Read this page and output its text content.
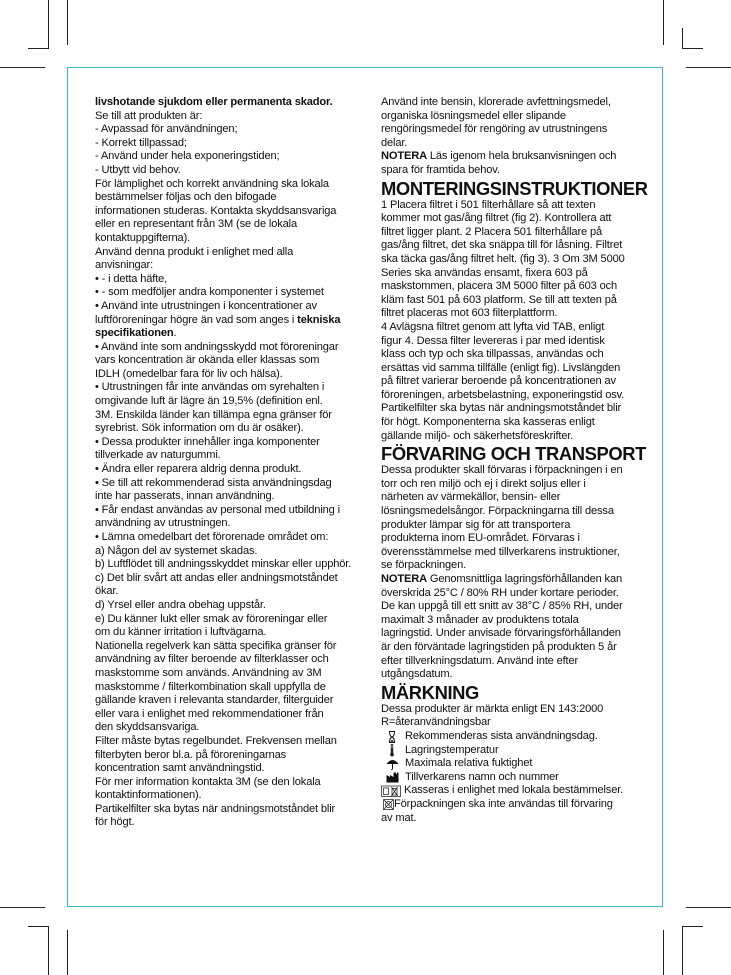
livshotande sjukdom eller permanenta skador.
Se till att produkten är:
- Avpassad för användningen;
- Korrekt tillpassad;
- Använd under hela exponeringstiden;
- Utbytt vid behov.
För lämplighet och korrekt användning ska lokala
bestämmelser följas och den bifogade
informationen studeras. Kontakta skyddsansvariga
eller en representant från 3M (se de lokala
kontaktuppgifterna).
Använd denna produkt i enlighet med alla
anvisningar:
• - i detta häfte,
• - som medföljer andra komponenter i systemet
• Använd inte utrustningen i koncentrationer av
luftföroreningar högre än vad som anges i tekniska
specifikationen.
• Använd inte som andningsskydd mot föroreningar
vars koncentration är okända eller klassas som
IDLH (omedelbar fara för liv och hälsa).
• Utrustningen får inte användas om syrehalten i
omgivande luft är lägre än 19,5% (definition enl.
3M. Enskilda länder kan tillämpa egna gränser för
syrebrist. Sök information om du är osäker).
• Dessa produkter innehåller inga komponenter
tillverkade av naturgummi.
• Ändra eller reparera aldrig denna produkt.
• Se till att rekommenderad sista användningsdag
inte har passerats, innan användning.
• Får endast användas av personal med utbildning i
användning av utrustningen.
• Lämna omedelbart det förorenade området om:
a) Någon del av systemet skadas.
b) Luftflödet till andningsskyddet minskar eller upphör.
c) Det blir svårt att andas eller andningsmotståndet
ökar.
d) Yrsel eller andra obehag uppstår.
e) Du känner lukt eller smak av föroreningar eller
om du känner irritation i luftvägarna.
Nationella regelverk kan sätta specifika gränser för
användning av filter beroende av filterklasser och
maskstomme som används. Användning av 3M
maskstomme / filterkombination skall uppfylla de
gällande kraven i relevanta standarder, filterguider
eller vara i enlighet med rekommendationer från
den skyddsansvariga.
Filter måste bytas regelbundet. Frekvensen mellan
filterbyten beror bl.a. på föroreningarnas
koncentration samt användningstid.
För mer information kontakta 3M (se den lokala
kontaktinformationen).
Partikelfilter ska bytas när andningsmotståndet blir
för högt.
Använd inte bensin, klorerade avfettningsmedel,
organiska lösningsmedel eller slipande
rengöringsmedel för rengöring av utrustningens
delar.
NOTERA Läs igenom hela bruksanvisningen och
spara för framtida behov.
MONTERINGSINSTRUKTIONER
1 Placera filtret i 501 filterhållare så att texten
kommer mot gas/ång filtret (fig 2). Kontrollera att
filtret ligger plant. 2 Placera 501 filterhållare på
gas/ång filtret, det ska snäppa till för låsning. Filtret
ska täcka gas/ång filtret helt. (fig 3). 3 Om 3M 5000
Series ska användas ensamt, fixera 603 på
maskstommen, placera 3M 5000 filter på 603 och
kläm fast 501 på 603 platform. Se till att texten på
filtret placeras mot 603 filterplattform.
4 Avlägsna filtret genom att lyfta vid TAB, enligt
figur 4. Dessa filter levereras i par med identisk
klass och typ och ska tillpassas, användas och
ersättas vid samma tillfälle (enligt fig). Livslängden
på filtret varierar beroende på koncentrationen av
föroreningen, arbetsbelastning, exponeringstid osv.
Partikelfilter ska bytas när andningsmotståndet blir
för högt. Komponenterna ska kasseras enligt
gällande miljö- och säkerhetsföreskrifter.
FÖRVARING OCH TRANSPORT
Dessa produkter skall förvaras i förpackningen i en
torr och ren miljö och ej i direkt soljus eller i
närheten av värmekällor, bensin- eller
lösningsmedelsångor. Förpackningarna till dessa
produkter lämpar sig för att transportera
produkterna inom EU-området. Förvaras i
överensstämmelse med tillverkarens instruktioner,
se förpackningen.
NOTERA Genomsnittliga lagringsförhållanden kan
överskrida 25°C / 80% RH under kortare perioder.
De kan uppgå till ett snitt av 38°C / 85% RH, under
maximalt 3 månader av produktens totala
lagringstid. Under anvisade förvaringsförhållanden
är den förväntade lagringstiden på produkten 5 år
efter tillverkningsdatum. Använd inte efter
utgångsdatum.
MÄRKNING
Dessa produkter är märkta enligt EN 143:2000
R=återanvändningsbar
Rekommenderas sista användningsdag.
Lagringstemperatur
Maximala relativa fuktighet
Tillverkarens namn och nummer
Kasseras i enlighet med lokala bestämmelser.
Förpackningen ska inte användas till förvaring
av mat.
